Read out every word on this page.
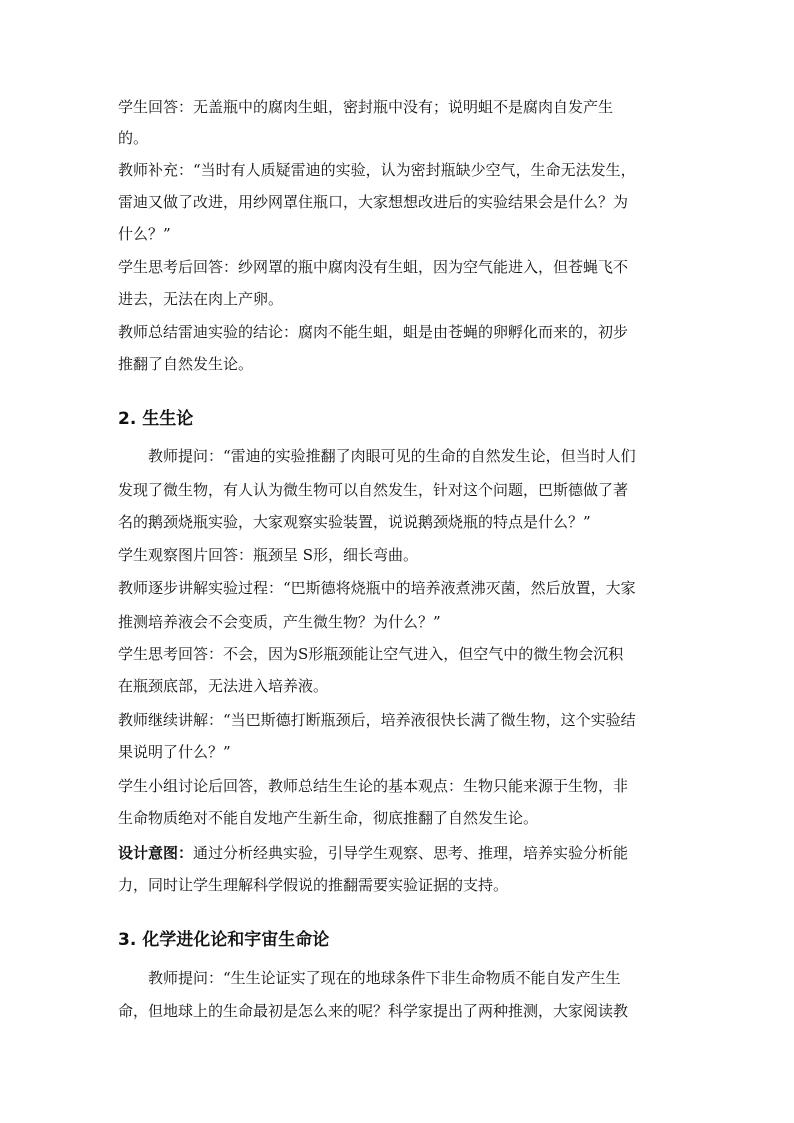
学生回答：无盖瓶中的腐肉生蛆，密封瓶中没有；说明蛆不是腐肉自发产生
的。
教师补充：“当时有人质疑雷迪的实验，认为密封瓶缺少空气，生命无法发生，
雷迪又做了改进，用纱网罩住瓶口，大家想想改进后的实验结果会是什么？为
什么？”
学生思考后回答：纱网罩的瓶中腐肉没有生蛆，因为空气能进入，但苍蝇飞不
进去，无法在肉上产卵。
教师总结雷迪实验的结论：腐肉不能生蛆，蛆是由苍蝇的卵孵化而来的，初步
推翻了自然发生论。
2. 生生论
教师提问：“雷迪的实验推翻了肉眼可见的生命的自然发生论，但当时人们
发现了微生物，有人认为微生物可以自然发生，针对这个问题，巴斯德做了著
名的鹅颈烧瓶实验，大家观察实验装置，说说鹅颈烧瓶的特点是什么？”
学生观察图片回答：瓶颈呈 S形，细长弯曲。
教师逐步讲解实验过程：“巴斯德将烧瓶中的培养液煮沸灭菌，然后放置，大家
推测培养液会不会变质，产生微生物？为什么？”
学生思考回答：不会，因为S形瓶颈能让空气进入，但空气中的微生物会沉积
在瓶颈底部，无法进入培养液。
教师继续讲解：“当巴斯德打断瓶颈后，培养液很快长满了微生物，这个实验结
果说明了什么？”
学生小组讨论后回答，教师总结生生论的基本观点：生物只能来源于生物，非
生命物质绝对不能自发地产生新生命，彻底推翻了自然发生论。
设计意图：通过分析经典实验，引导学生观察、思考、推理，培养实验分析能
力，同时让学生理解科学假说的推翻需要实验证据的支持。
3. 化学进化论和宇宙生命论
教师提问：“生生论证实了现在的地球条件下非生命物质不能自发产生生
命，但地球上的生命最初是怎么来的呢？科学家提出了两种推测，大家阅读教
